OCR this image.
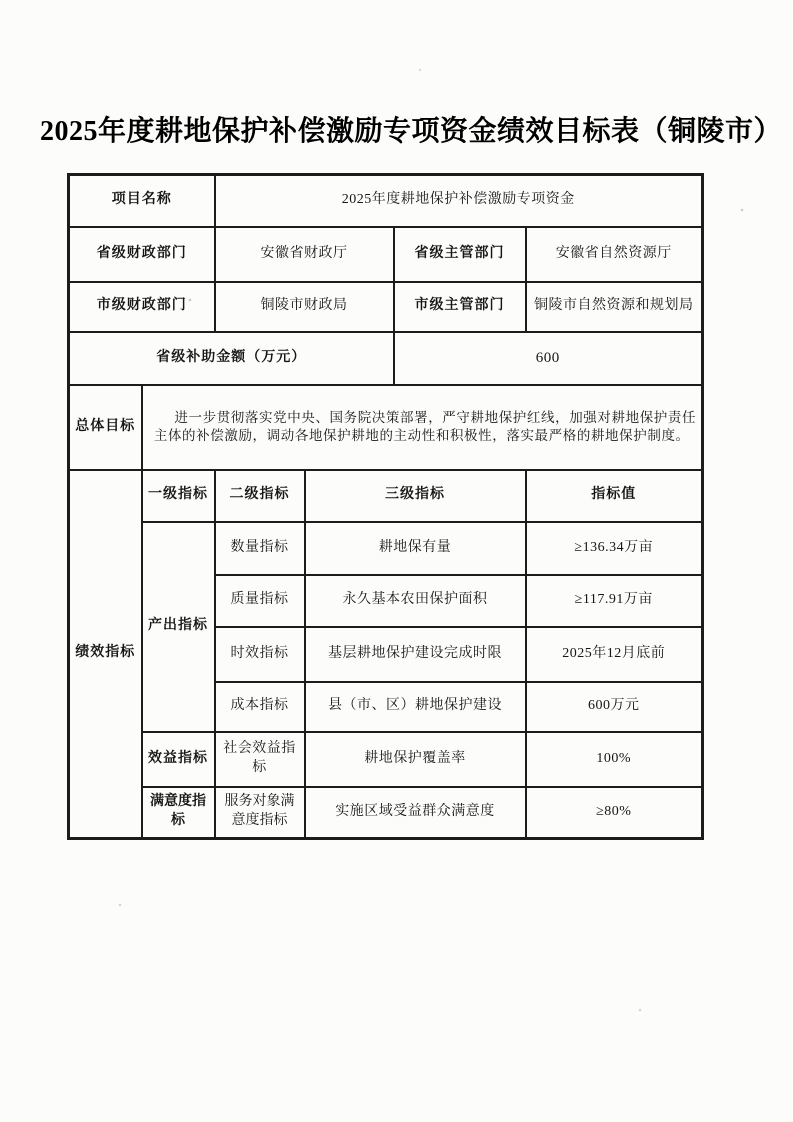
2025年度耕地保护补偿激励专项资金绩效目标表（铜陵市）
项目名称		2025年度耕地保护补偿激励专项资金			
省级财政部门		安徽省财政厅		省级主管部门	安徽省自然资源厅
市级财政部门		铜陵市财政局		市级主管部门	铜陵市自然资源和规划局
省级补助金额（万元）				600	
总体目标	进一步贯彻落实党中央、国务院决策部署，严守耕地保护红线，加强对耕地保护责任主体的补偿激励，调动各地保护耕地的主动性和积极性，落实最严格的耕地保护制度。				

绩效指标	一级指标	二级指标	三级指标		指标值
	产出指标	数量指标	耕地保有量		≥136.34万亩
		质量指标	永久基本农田保护面积		≥117.91万亩
		时效指标	基层耕地保护建设完成时限		2025年12月底前
		成本指标	县（市、区）耕地保护建设		600万元
	效益指标	社会效益指标	耕地保护覆盖率		100%
	满意度指标	服务对象满意度指标	实施区域受益群众满意度		≥80%
